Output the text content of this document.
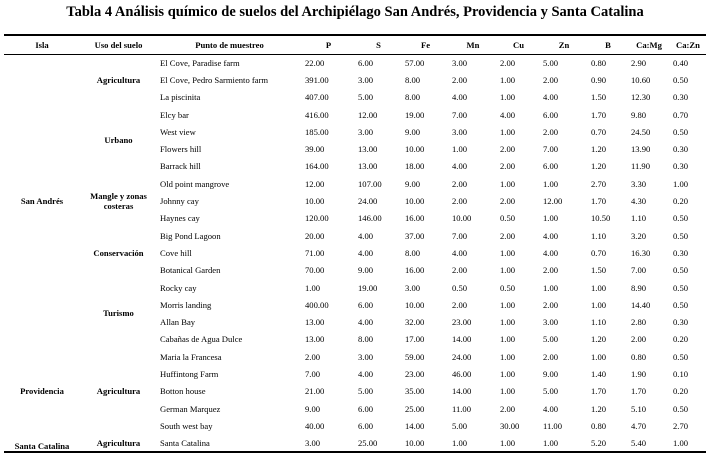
Tabla 4 Análisis químico de suelos del Archipiélago San Andrés, Providencia y Santa Catalina
Isla	Uso del suelo	Punto de muestreo	P	S	Fe	Mn	Cu	Zn	B	Ca:Mg	Ca:Zn
San Andrés	Agricultura	El Cove, Paradise farm	22.00	6.00	57.00	3.00	2.00	5.00	0.80	2.90	0.40
		El Cove, Pedro Sarmiento farm	391.00	3.00	8.00	2.00	1.00	2.00	0.90	10.60	0.50
		La piscinita	407.00	5.00	8.00	4.00	1.00	4.00	1.50	12.30	0.30
	Urbano	Elcy bar	416.00	12.00	19.00	7.00	4.00	6.00	1.70	9.80	0.70
		West view	185.00	3.00	9.00	3.00	1.00	2.00	0.70	24.50	0.50
		Flowers hill	39.00	13.00	10.00	1.00	2.00	7.00	1.20	13.90	0.30
		Barrack hill	164.00	13.00	18.00	4.00	2.00	6.00	1.20	11.90	0.30
	Mangle y zonas costeras	Old point mangrove	12.00	107.00	9.00	2.00	1.00	1.00	2.70	3.30	1.00
		Johnny cay	10.00	24.00	10.00	2.00	2.00	12.00	1.70	4.30	0.20
		Haynes cay	120.00	146.00	16.00	10.00	0.50	1.00	10.50	1.10	0.50
	Conservación	Big Pond Lagoon	20.00	4.00	37.00	7.00	2.00	4.00	1.10	3.20	0.50
		Cove hill	71.00	4.00	8.00	4.00	1.00	4.00	0.70	16.30	0.30
		Botanical Garden	70.00	9.00	16.00	2.00	1.00	2.00	1.50	7.00	0.50
	Turismo	Rocky cay	1.00	19.00	3.00	0.50	0.50	1.00	1.00	8.90	0.50
		Morris landing	400.00	6.00	10.00	2.00	1.00	2.00	1.00	14.40	0.50
		Allan Bay	13.00	4.00	32.00	23.00	1.00	3.00	1.10	2.80	0.30
		Cabañas de Agua Dulce	13.00	8.00	17.00	14.00	1.00	5.00	1.20	2.00	0.20
Providencia	Agricultura	Maria la Francesa	2.00	3.00	59.00	24.00	1.00	2.00	1.00	0.80	0.50
		Huffintong Farm	7.00	4.00	23.00	46.00	1.00	9.00	1.40	1.90	0.10
		Botton house	21.00	5.00	35.00	14.00	1.00	5.00	1.70	1.70	0.20
		German Marquez	9.00	6.00	25.00	11.00	2.00	4.00	1.20	5.10	0.50
		South west bay	40.00	6.00	14.00	5.00	30.00	11.00	0.80	4.70	2.70
Santa Catalina	Agricultura	Santa Catalina	3.00	25.00	10.00	1.00	1.00	1.00	5.20	5.40	1.00
